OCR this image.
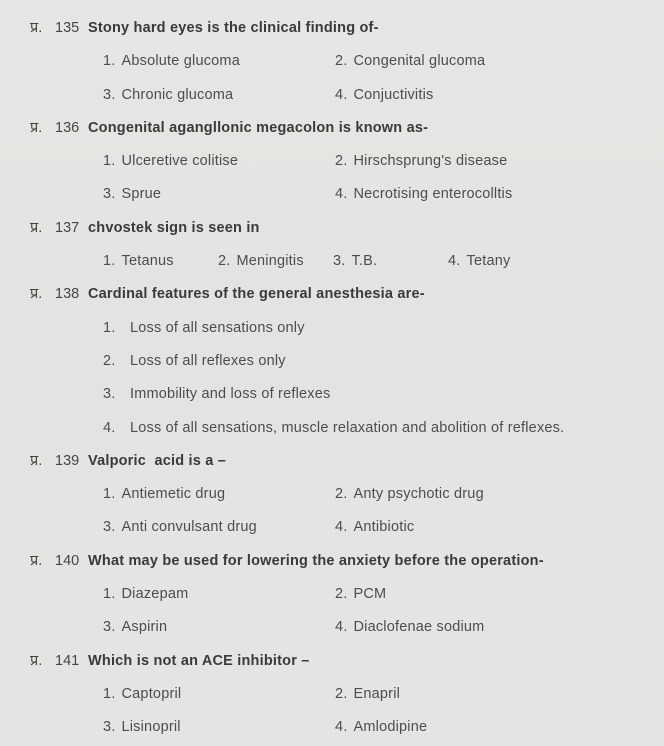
प्र. 135 Stony hard eyes is the clinical finding of-
1. Absolute glucoma	2. Congenital glucoma
3. Chronic glucoma	4. Conjuctivitis
प्र. 136 Congenital agangllonic megacolon is known as-
1. Ulceretive colitise	2. Hirschsprung's disease
3. Sprue	4. Necrotising enterocolltis
प्र. 137 chvostek sign is seen in
1. Tetanus	2. Meningitis 3. T.B.	4. Tetany
प्र. 138 Cardinal features of the general anesthesia are-
1. Loss of all sensations only
2. Loss of all reflexes only
3. Immobility and loss of reflexes
4. Loss of all sensations, muscle relaxation and abolition of reflexes.
प्र. 139 Valporic  acid is a –
1. Antiemetic drug	2. Anty psychotic drug
3. Anti convulsant drug	4. Antibiotic
प्र. 140 What may be used for lowering the anxiety before the operation-
1. Diazepam	2. PCM
3. Aspirin	4. Diaclofenae sodium
प्र. 141 Which is not an ACE inhibitor –
1. Captopril	2. Enapril
3. Lisinopril	4. Amlodipine
